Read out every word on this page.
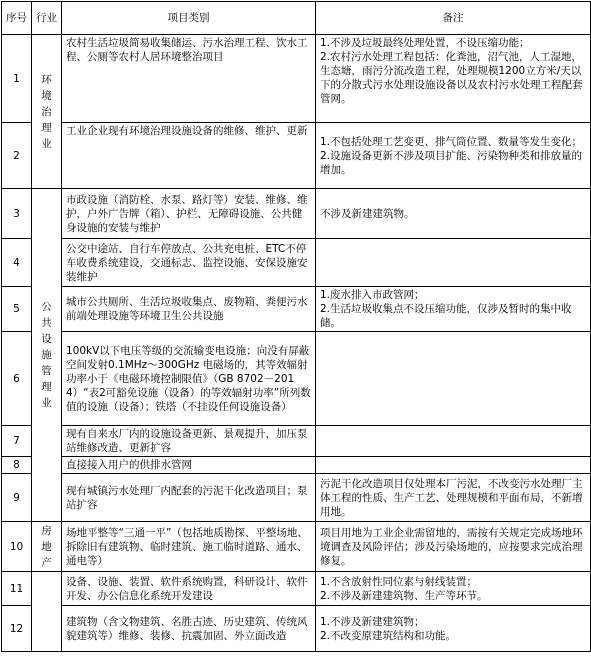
序号	行业	项目类别	备注
1	环境治理业	农村生活垃圾简易收集储运、污水治理工程、饮水工程、公厕等农村人居环境整治项目	1.不涉及垃圾最终处理处置，不设压缩功能；
2.农村污水处理工程包括：化粪池，沼气池，人工湿地，生态塘，雨污分流改造工程，处理规模1200立方米/天以下的分散式污水处理设施设备以及农村污水处理工程配套管网。
2		工业企业现有环境治理设施设备的维修、维护、更新	1.不包括处理工艺变更、排气筒位置、数量等发生变化；
2.设施设备更新不涉及项目扩能、污染物种类和排放量的增加。
3	公共设施管理业	市政设施（消防栓、水泵、路灯等）安装、维修、维护，户外广告牌（箱）、护栏、无障碍设施、公共健身设施的安装与维护	不涉及新建建筑物。
4		公交中途站、自行车停放点、公共充电桩、ETC不停车收费系统建设，交通标志、监控设施、安保设施安装维护	
5		城市公共厕所、生活垃圾收集点、废物箱、粪便污水前端处理设施等环境卫生公共设施	1.废水排入市政管网；
2.生活垃圾收集点不设压缩功能，仅涉及暂时的集中收储。
6		100kV以下电压等级的交流输变电设施；向没有屏蔽空间发射0.1MHz～300GHz 电磁场的，其等效辐射功率小于《电磁环境控制限值》（GB 8702－2014）“表2可豁免设施（设备）的等效辐射功率”所列数值的设施（设备）；铁塔（不挂设任何设施设备）	
7		现有自来水厂内的设施设备更新、景观提升，加压泵站维修改造、更新扩容	
8		直接接入用户的供排水管网	
9		现有城镇污水处理厂内配套的污泥干化改造项目；泵站扩容	污泥干化改造项目仅处理本厂污泥，不改变污水处理厂主体工程的性质、生产工艺、处理规模和平面布局，不新增用地。
10	房地产	场地平整等“三通一平”（包括地质勘探、平整场地、拆除旧有建筑物、临时建筑、施工临时道路、通水、通电等）	项目用地为工业企业需留地的，需按有关规定完成场地环境调查及风险评估；涉及污染场地的，应按要求完成治理修复。
11		设备、设施、装置、软件系统购置，科研设计、软件开发、办公信息化系统开发建设	1.不含放射性同位素与射线装置；
2.不涉及新建建筑物、生产等环节。
12		建筑物（含文物建筑、名胜古迹、历史建筑、传统风貌建筑等）维修、装修、抗震加固、外立面改造	1.不涉及新建建筑物；
2.不改变原建筑结构和功能。
